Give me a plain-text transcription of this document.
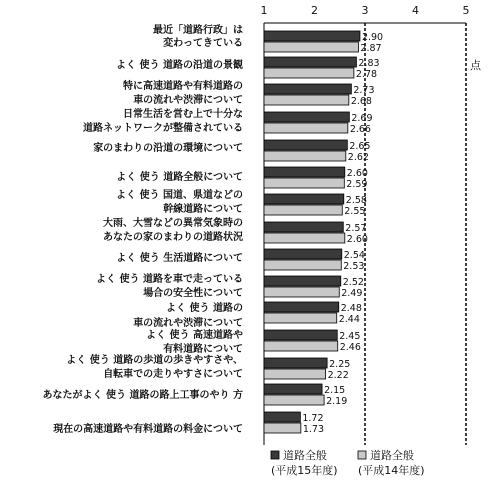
最近「道路行政」は
変わってきている
よく 使う 道路の沿道の景観
特に高速道路や有料道路の
車の流れや渋滞について
日常生活を営む上で十分な
道路ネットワークが整備されている
家のまわりの沿道の環境について
よく 使う 道路全般について
よく 使う 国道、県道などの
幹線道路について
大雨、大雪などの異常気象時の
あなたの家のまわりの道路状況
よく 使う 生活道路について
よく 使う 道路を車で走っている
場合の安全性について
よく 使う 道路の
車の流れや渋滞について
よく 使う 高速道路や
有料道路について
よく 使う 道路の歩道の歩きやすさや、
自転車での走りやすさについて
あなたがよく 使う 道路の路上工事のやり 方
現在の高速道路や有料道路の料金について
1	2	3	4	5
点
2.90
2.83
2.73
2.69
2.65
2.60
2.58
2.57
2.54
2.52
2.48
2.45
2.25
2.15
1.72
2.87
2.78
2.68
2.66
2.62
2.59
2.55
2.60
2.53
2.49
2.44
2.46
2.22
2.19
1.73
道路全般
(平成15年度)
道路全般
(平成14年度)
